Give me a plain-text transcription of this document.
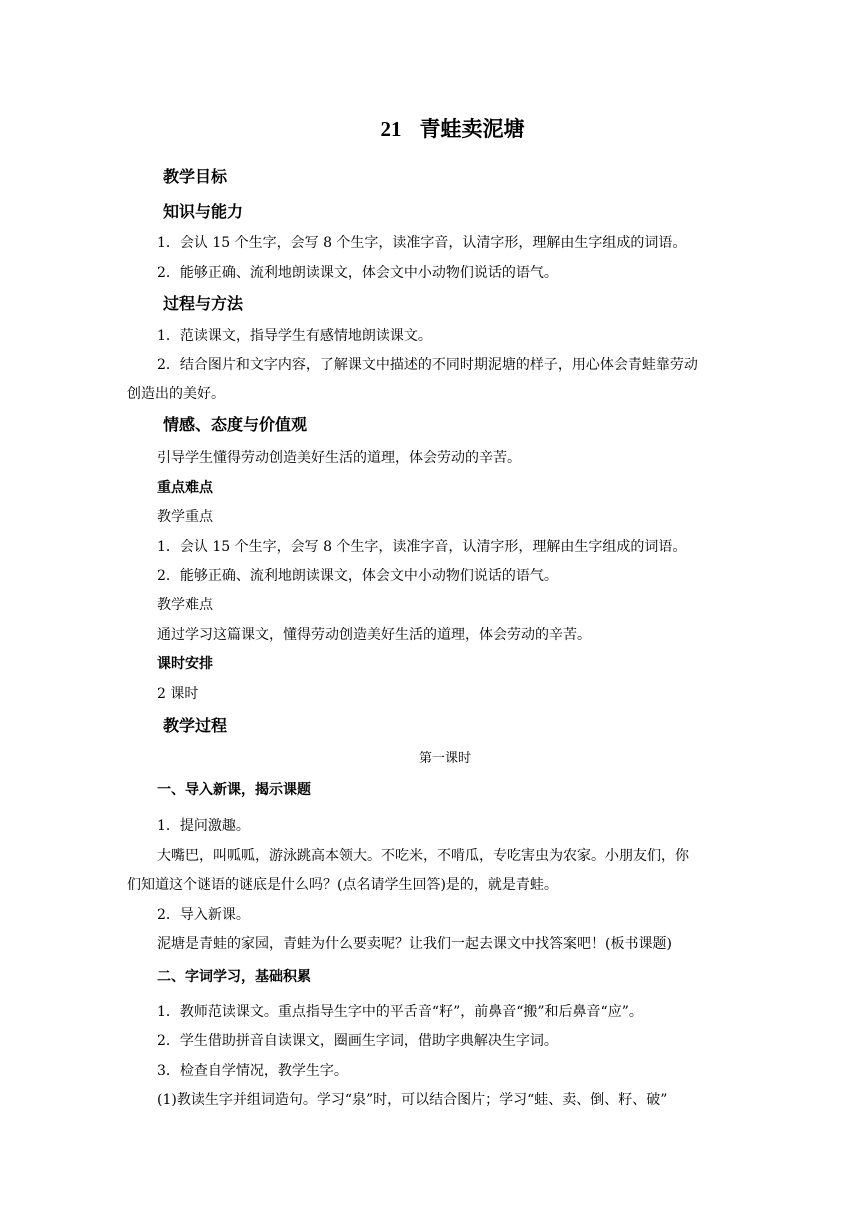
21 青蛙卖泥塘
教学目标
知识与能力
1．会认 15 个生字，会写 8 个生字，读准字音，认清字形，理解由生字组成的词语。
2．能够正确、流利地朗读课文，体会文中小动物们说话的语气。
过程与方法
1．范读课文，指导学生有感情地朗读课文。
2．结合图片和文字内容，了解课文中描述的不同时期泥塘的样子，用心体会青蛙靠劳动
创造出的美好。
情感、态度与价值观
引导学生懂得劳动创造美好生活的道理，体会劳动的辛苦。
重点难点
教学重点
1．会认 15 个生字，会写 8 个生字，读准字音，认清字形，理解由生字组成的词语。
2．能够正确、流利地朗读课文，体会文中小动物们说话的语气。
教学难点
通过学习这篇课文，懂得劳动创造美好生活的道理，体会劳动的辛苦。
课时安排
2 课时
教学过程
第一课时
一、导入新课，揭示课题
1．提问激趣。
大嘴巴，叫呱呱，游泳跳高本领大。不吃米，不啃瓜，专吃害虫为农家。小朋友们，你
们知道这个谜语的谜底是什么吗？(点名请学生回答)是的，就是青蛙。
2．导入新课。
泥塘是青蛙的家园，青蛙为什么要卖呢？让我们一起去课文中找答案吧！(板书课题)
二、字词学习，基础积累
1．教师范读课文。重点指导生字中的平舌音“籽”，前鼻音“搬”和后鼻音“应”。
2．学生借助拼音自读课文，圈画生字词，借助字典解决生字词。
3．检查自学情况，教学生字。
(1)教读生字并组词造句。学习“泉”时，可以结合图片；学习“蛙、卖、倒、籽、破”
